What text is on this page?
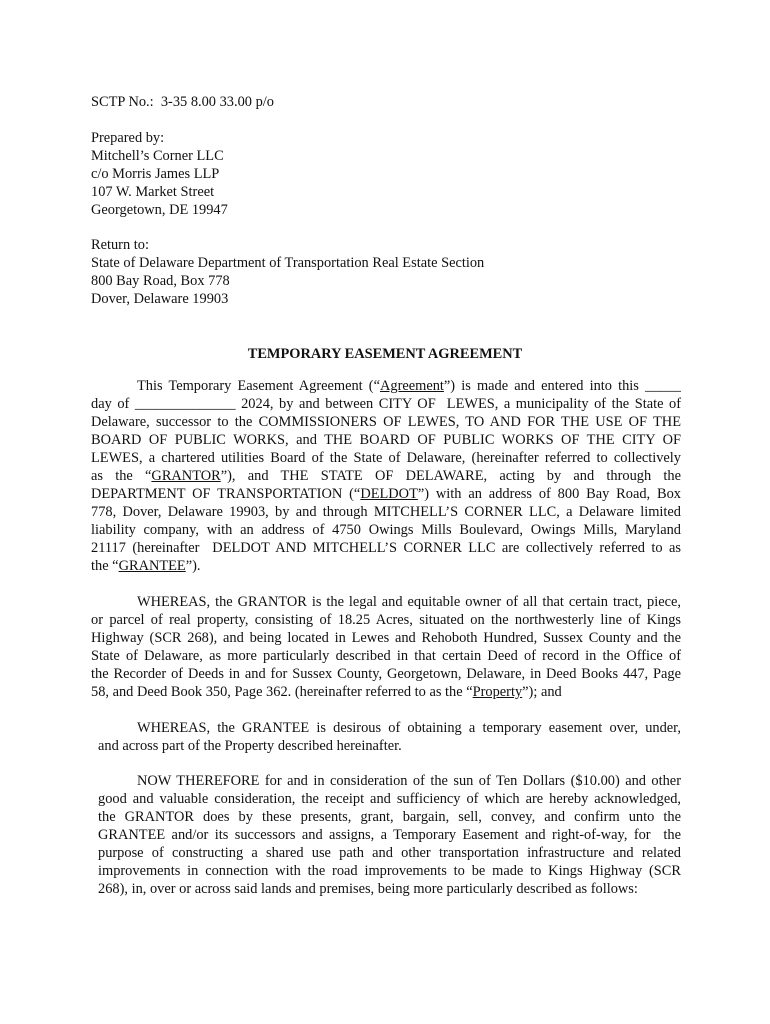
SCTP No.:  3-35 8.00 33.00 p/o
Prepared by:
Mitchell’s Corner LLC
c/o Morris James LLP
107 W. Market Street
Georgetown, DE 19947
Return to:
State of Delaware Department of Transportation Real Estate Section
800 Bay Road, Box 778
Dover, Delaware 19903
TEMPORARY EASEMENT AGREEMENT
This Temporary Easement Agreement (“Agreement”) is made and entered into this _____
day of ______________ 2024, by and between CITY OF  LEWES, a municipality of the State of
Delaware, successor to the COMMISSIONERS OF LEWES, TO AND FOR THE USE OF THE
BOARD OF PUBLIC WORKS, and THE BOARD OF PUBLIC WORKS OF THE CITY OF
LEWES, a chartered utilities Board of the State of Delaware, (hereinafter referred to collectively
as the “GRANTOR”), and THE STATE OF DELAWARE, acting by and through the
DEPARTMENT OF TRANSPORTATION (“DELDOT”) with an address of 800 Bay Road, Box
778, Dover, Delaware 19903, by and through MITCHELL’S CORNER LLC, a Delaware limited
liability company, with an address of 4750 Owings Mills Boulevard, Owings Mills, Maryland
21117 (hereinafter  DELDOT AND MITCHELL’S CORNER LLC are collectively referred to as
the “GRANTEE”).
WHEREAS, the GRANTOR is the legal and equitable owner of all that certain tract, piece,
or parcel of real property, consisting of 18.25 Acres, situated on the northwesterly line of Kings
Highway (SCR 268), and being located in Lewes and Rehoboth Hundred, Sussex County and the
State of Delaware, as more particularly described in that certain Deed of record in the Office of
the Recorder of Deeds in and for Sussex County, Georgetown, Delaware, in Deed Books 447, Page
58, and Deed Book 350, Page 362. (hereinafter referred to as the “Property”); and
WHEREAS, the GRANTEE is desirous of obtaining a temporary easement over, under,
and across part of the Property described hereinafter.
NOW THEREFORE for and in consideration of the sun of Ten Dollars ($10.00) and other
good and valuable consideration, the receipt and sufficiency of which are hereby acknowledged,
the GRANTOR does by these presents, grant, bargain, sell, convey, and confirm unto the
GRANTEE and/or its successors and assigns, a Temporary Easement and right-of-way, for  the
purpose of constructing a shared use path and other transportation infrastructure and related
improvements in connection with the road improvements to be made to Kings Highway (SCR
268), in, over or across said lands and premises, being more particularly described as follows:
